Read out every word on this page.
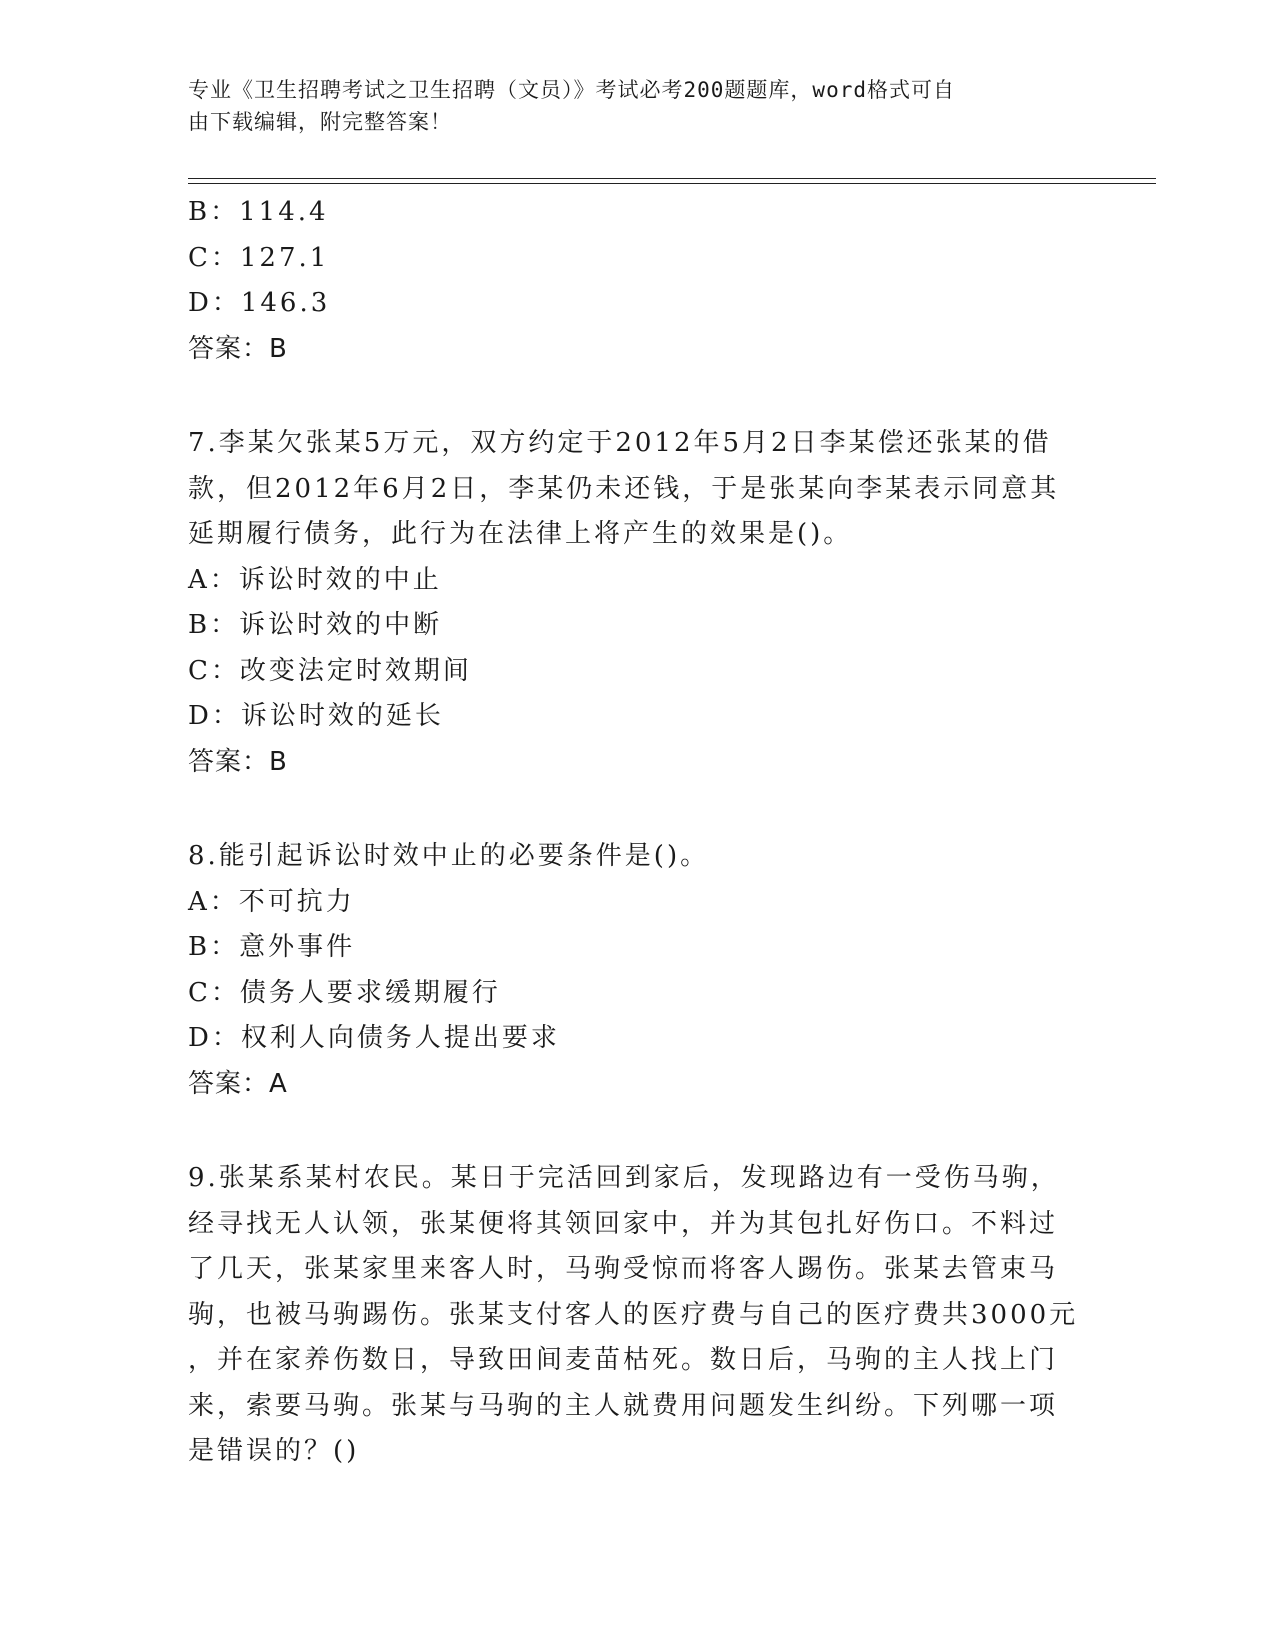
专业《卫生招聘考试之卫生招聘（文员）》考试必考200题题库，word格式可自
由下载编辑，附完整答案！
B：114.4
C：127.1
D：146.3
答案：B
7.李某欠张某5万元，双方约定于2012年5月2日李某偿还张某的借
款，但2012年6月2日，李某仍未还钱，于是张某向李某表示同意其
延期履行债务，此行为在法律上将产生的效果是()。
A：诉讼时效的中止
B：诉讼时效的中断
C：改变法定时效期间
D：诉讼时效的延长
答案：B
8.能引起诉讼时效中止的必要条件是()。
A：不可抗力
B：意外事件
C：债务人要求缓期履行
D：权利人向债务人提出要求
答案：A
9.张某系某村农民。某日于完活回到家后，发现路边有一受伤马驹，
经寻找无人认领，张某便将其领回家中，并为其包扎好伤口。不料过
了几天，张某家里来客人时，马驹受惊而将客人踢伤。张某去管束马
驹，也被马驹踢伤。张某支付客人的医疗费与自己的医疗费共3000元
，并在家养伤数日，导致田间麦苗枯死。数日后，马驹的主人找上门
来，索要马驹。张某与马驹的主人就费用问题发生纠纷。下列哪一项
是错误的？()
